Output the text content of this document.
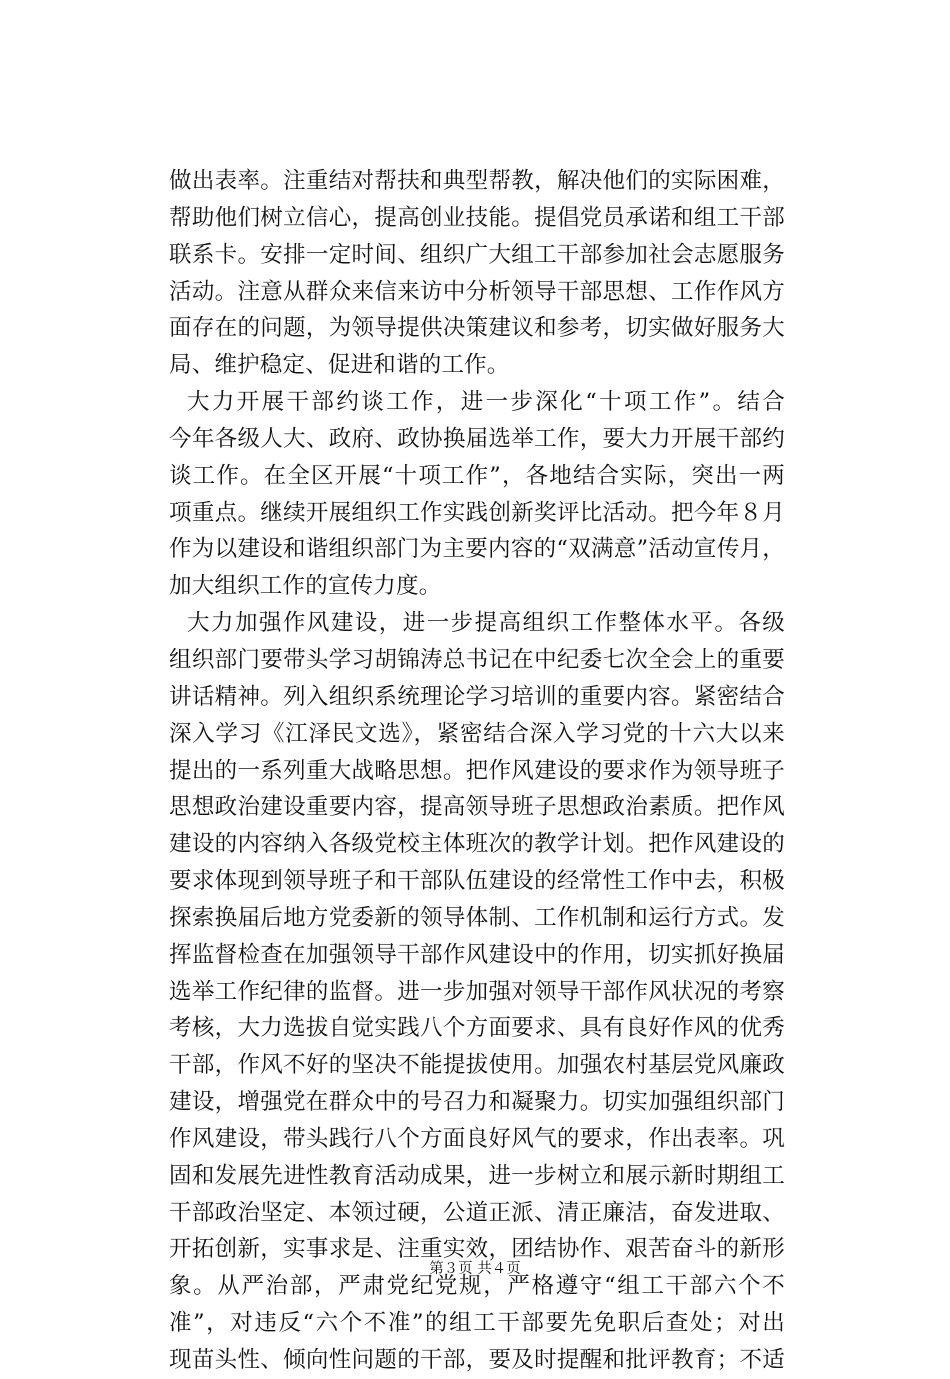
做出表率。注重结对帮扶和典型帮教，解决他们的实际困难，
帮助他们树立信心，提高创业技能。提倡党员承诺和组工干部
联系卡。安排一定时间、组织广大组工干部参加社会志愿服务
活动。注意从群众来信来访中分析领导干部思想、工作作风方
面存在的问题，为领导提供决策建议和参考，切实做好服务大
局、维护稳定、促进和谐的工作。
大力开展干部约谈工作，进一步深化“十项工作”。结合
今年各级人大、政府、政协换届选举工作，要大力开展干部约
谈工作。在全区开展“十项工作”，各地结合实际，突出一两
项重点。继续开展组织工作实践创新奖评比活动。把今年８月
作为以建设和谐组织部门为主要内容的“双满意”活动宣传月，
加大组织工作的宣传力度。
大力加强作风建设，进一步提高组织工作整体水平。各级
组织部门要带头学习胡锦涛总书记在中纪委七次全会上的重要
讲话精神。列入组织系统理论学习培训的重要内容。紧密结合
深入学习《江泽民文选》，紧密结合深入学习党的十六大以来
提出的一系列重大战略思想。把作风建设的要求作为领导班子
思想政治建设重要内容，提高领导班子思想政治素质。把作风
建设的内容纳入各级党校主体班次的教学计划。把作风建设的
要求体现到领导班子和干部队伍建设的经常性工作中去，积极
探索换届后地方党委新的领导体制、工作机制和运行方式。发
挥监督检查在加强领导干部作风建设中的作用，切实抓好换届
选举工作纪律的监督。进一步加强对领导干部作风状况的考察
考核，大力选拔自觉实践八个方面要求、具有良好作风的优秀
干部，作风不好的坚决不能提拔使用。加强农村基层党风廉政
建设，增强党在群众中的号召力和凝聚力。切实加强组织部门
作风建设，带头践行八个方面良好风气的要求，作出表率。巩
固和发展先进性教育活动成果，进一步树立和展示新时期组工
干部政治坚定、本领过硬，公道正派、清正廉洁，奋发进取、
开拓创新，实事求是、注重实效，团结协作、艰苦奋斗的新形
象。从严治部，严肃党纪党规，严格遵守“组工干部六个不
准”，对违反“六个不准”的组工干部要先免职后查处；对出
现苗头性、倾向性问题的干部，要及时提醒和批评教育；不适
第３页 共４页
